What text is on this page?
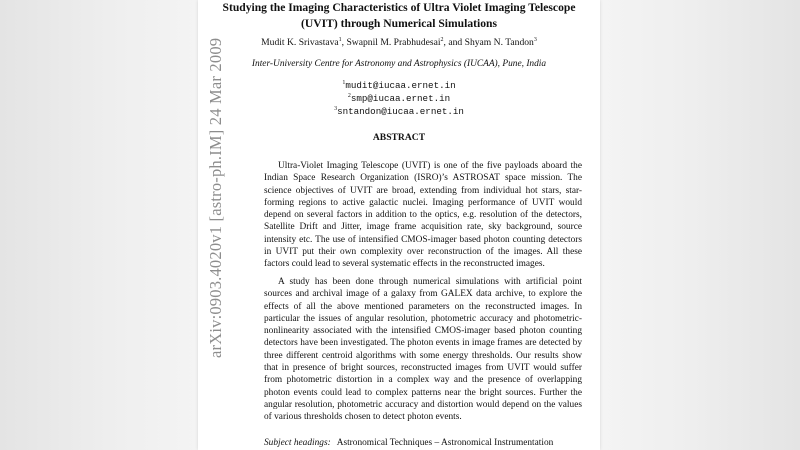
Studying the Imaging Characteristics of Ultra Violet Imaging Telescope
(UVIT) through Numerical Simulations
Mudit K. Srivastava$^1$, Swapnil M. Prabhudesai$^2$, and Shyam N. Tandon$^3$
Inter-University Centre for Astronomy and Astrophysics (IUCAA), Pune, India
$^1$mudit@iucaa.ernet.in
$^2$smp@iucaa.ernet.in
$^3$sntandon@iucaa.ernet.in
ABSTRACT

Ultra-Violet Imaging Telescope (UVIT) is one of the five payloads aboard the Indian Space Research Organization (ISRO)’s ASTROSAT space mission. The science objectives of UVIT are broad, extending from individual hot stars, star-forming regions to active galactic nuclei. Imaging performance of UVIT would depend on several factors in addition to the optics, e.g. resolution of the detectors, Satellite Drift and Jitter, image frame acquisition rate, sky background, source intensity etc. The use of intensified CMOS-imager based photon counting detectors in UVIT put their own complexity over reconstruction of the images. All these factors could lead to several systematic effects in the reconstructed images.

A study has been done through numerical simulations with artificial point sources and archival image of a galaxy from GALEX data archive, to explore the effects of all the above mentioned parameters on the reconstructed images. In particular the issues of angular resolution, photometric accuracy and photometric-nonlinearity associated with the intensified CMOS-imager based photon counting detectors have been investigated. The photon events in image frames are detected by three different centroid algorithms with some energy thresholds. Our results show that in presence of bright sources, reconstructed images from UVIT would suffer from photometric distortion in a complex way and the presence of overlapping photon events could lead to complex patterns near the bright sources. Further the angular resolution, photometric accuracy and distortion would depend on the values of various thresholds chosen to detect photon events.

Subject headings: Astronomical Techniques – Astronomical Instrumentation
arXiv:0903.4020v1 [astro-ph.IM] 24 Mar 2009
